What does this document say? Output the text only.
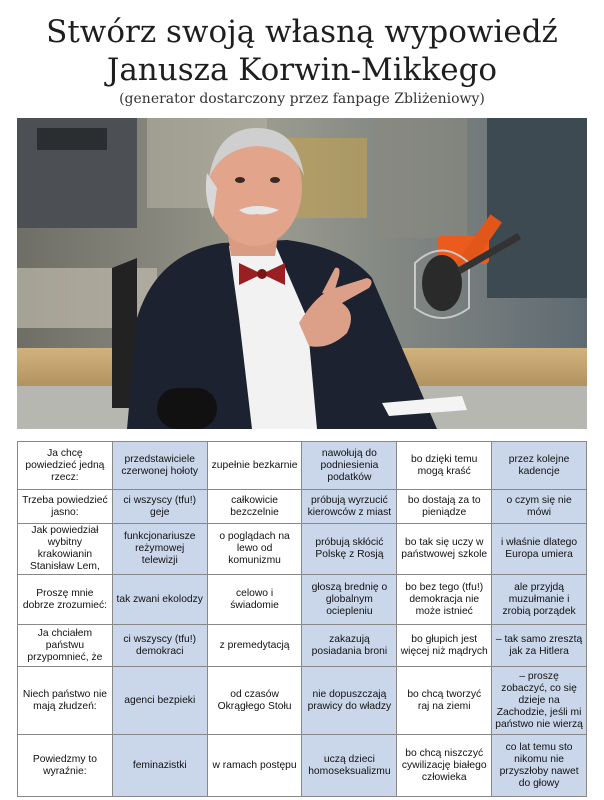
Stwórz swoją własną wypowiedź
Janusza Korwin-Mikkego
(generator dostarczony przez fanpage Zbliżeniowy)
Ja chcę powiedzieć jedną rzecz:	przedstawiciele czerwonej hołoty	zupełnie bezkarnie	nawołują do podniesienia podatków	bo dzięki temu mogą kraść	przez kolejne kadencje
Trzeba powiedzieć jasno:	ci wszyscy (tfu!) geje	całkowicie bezczelnie	próbują wyrzucić kierowców z miast	bo dostają za to pieniądze	o czym się nie mówi
Jak powiedział wybitny krakowianin Stanisław Lem,	funkcjonariusze reżymowej telewizji	o poglądach na lewo od komunizmu	próbują skłócić Polskę z Rosją	bo tak się uczy w państwowej szkole	i właśnie dlatego Europa umiera
Proszę mnie dobrze zrozumieć:	tak zwani ekolodzy	celowo i świadomie	głoszą brednię o globalnym ociepleniu	bo bez tego (tfu!) demokracja nie może istnieć	ale przyjdą muzułmanie i zrobią porządek
Ja chciałem państwu przypomnieć, że	ci wszyscy (tfu!) demokraci	z premedytacją	zakazują posiadania broni	bo głupich jest więcej niż mądrych	– tak samo zresztą jak za Hitlera
Niech państwo nie mają złudzeń:	agenci bezpieki	od czasów Okrągłego Stołu	nie dopuszczają prawicy do władzy	bo chcą tworzyć raj na ziemi	– proszę zobaczyć, co się dzieje na Zachodzie, jeśli mi państwo nie wierzą
Powiedzmy to wyraźnie:	feminazistki	w ramach postępu	uczą dzieci homoseksualizmu	bo chcą niszczyć cywilizację białego człowieka	co lat temu sto nikomu nie przyszłoby nawet do głowy
